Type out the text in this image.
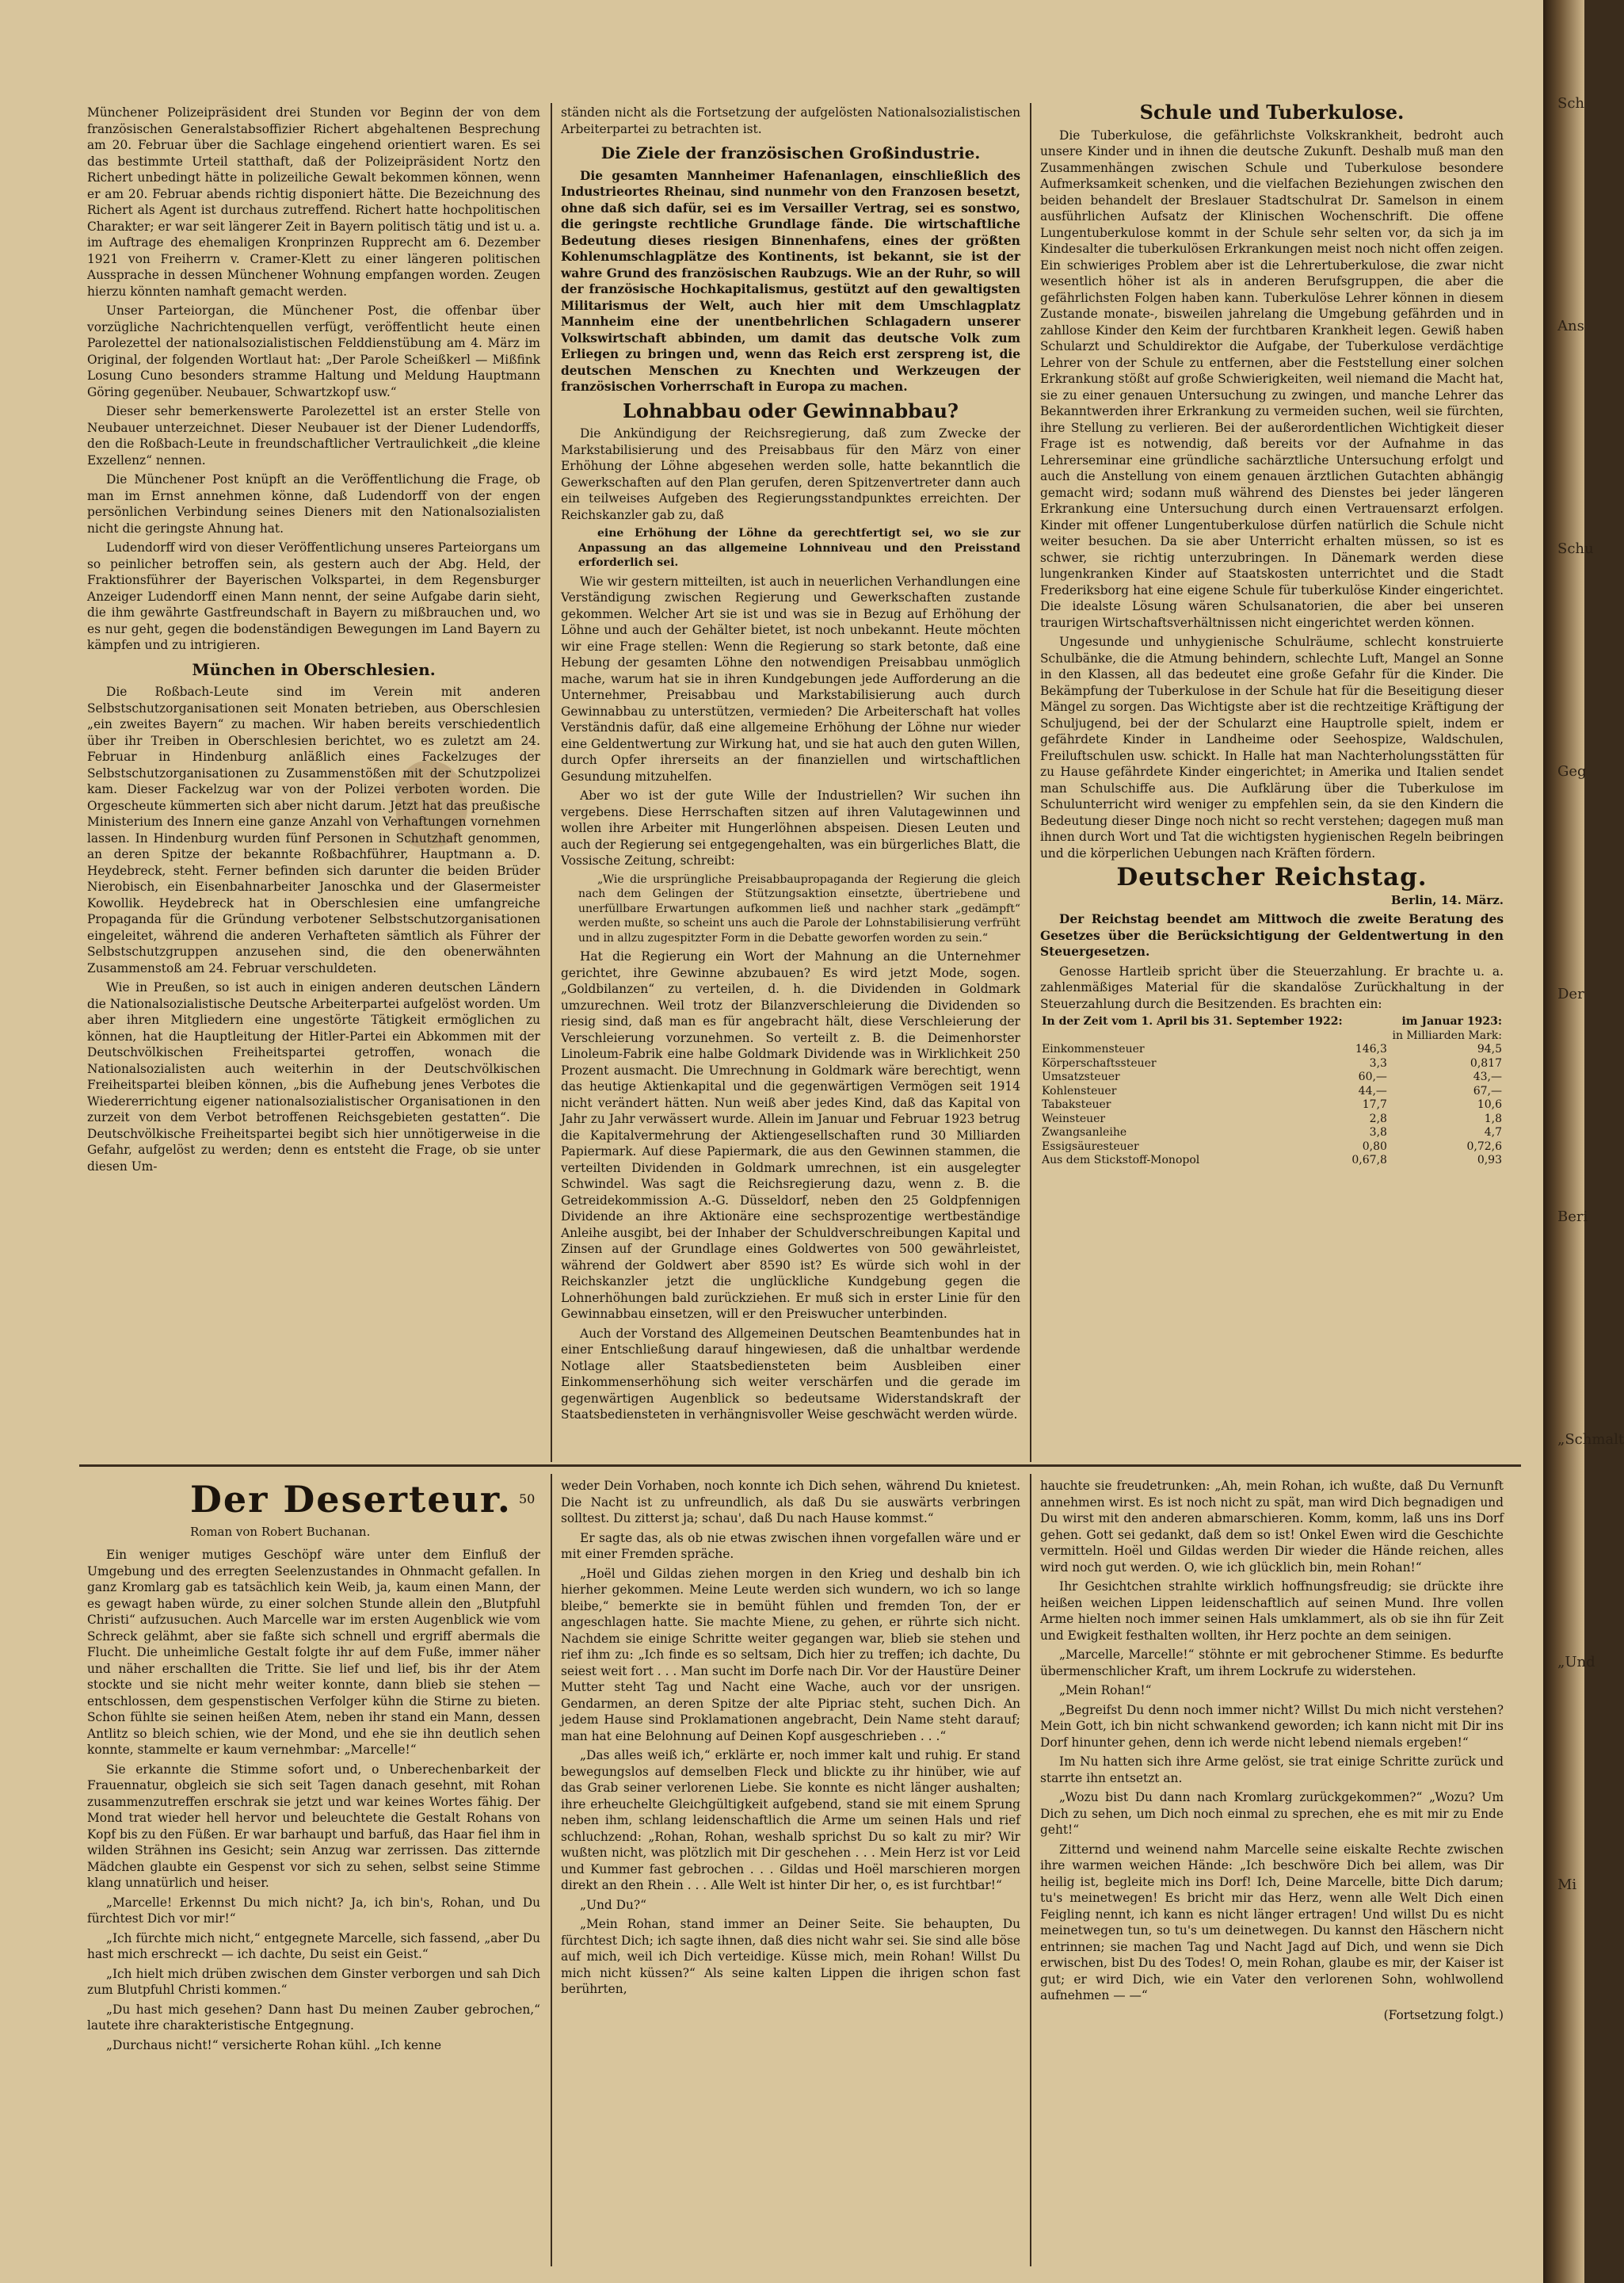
Münchener Polizeipräsident drei Stunden vor Beginn der von dem französischen Generalstabsoffizier Richert abgehaltenen Besprechung am 20. Februar über die Sachlage eingehend orientiert waren. Es sei das bestimmte Urteil statthaft, daß der Polizeipräsident Nortz den Richert unbedingt hätte in polizeiliche Gewalt bekommen können, wenn er am 20. Februar abends richtig disponiert hätte. Die Bezeichnung des Richert als Agent ist durchaus zutreffend. Richert hatte hochpolitischen Charakter; er war seit längerer Zeit in Bayern politisch tätig und ist u. a. im Auftrage des ehemaligen Kronprinzen Rupprecht am 6. Dezember 1921 von Freiherrn v. Cramer-Klett zu einer längeren politischen Aussprache in dessen Münchener Wohnung empfangen worden. Zeugen hierzu könnten namhaft gemacht werden.

Unser Parteiorgan, die Münchener Post, die offenbar über vorzügliche Nachrichtenquellen verfügt, veröffentlicht heute einen Parolezettel der nationalsozialistischen Felddienstübung am 4. März im Original, der folgenden Wortlaut hat: „Der Parole Scheißkerl — Mißfink Losung Cuno besonders stramme Haltung und Meldung Hauptmann Göring gegenüber. Neubauer, Schwartzkopf usw.“

Dieser sehr bemerkenswerte Parolezettel ist an erster Stelle von Neubauer unterzeichnet. Dieser Neubauer ist der Diener Ludendorffs, den die Roßbach-Leute in freundschaftlicher Vertraulichkeit „die kleine Exzellenz“ nennen.

Die Münchener Post knüpft an die Veröffentlichung die Frage, ob man im Ernst annehmen könne, daß Ludendorff von der engen persönlichen Verbindung seines Dieners mit den Nationalsozialisten nicht die geringste Ahnung hat.

Ludendorff wird von dieser Veröffentlichung unseres Parteiorgans um so peinlicher betroffen sein, als gestern auch der Abg. Held, der Fraktionsführer der Bayerischen Volkspartei, in dem Regensburger Anzeiger Ludendorff einen Mann nennt, der seine Aufgabe darin sieht, die ihm gewährte Gastfreundschaft in Bayern zu mißbrauchen und, wo es nur geht, gegen die bodenständigen Bewegungen im Land Bayern zu kämpfen und zu intrigieren.

München in Oberschlesien.

Die Roßbach-Leute sind im Verein mit anderen Selbstschutzorganisationen seit Monaten betrieben, aus Oberschlesien „ein zweites Bayern“ zu machen. Wir haben bereits verschiedentlich über ihr Treiben in Oberschlesien berichtet, wo es zuletzt am 24. Februar in Hindenburg anläßlich eines Fackelzuges der Selbstschutzorganisationen zu Zusammenstößen mit der Schutzpolizei kam. Dieser Fackelzug war von der Polizei verboten worden. Die Orgescheute kümmerten sich aber nicht darum. Jetzt hat das preußische Ministerium des Innern eine ganze Anzahl von Verhaftungen vornehmen lassen. In Hindenburg wurden fünf Personen in Schutzhaft genommen, an deren Spitze der bekannte Roßbachführer, Hauptmann a. D. Heydebreck, steht. Ferner befinden sich darunter die beiden Brüder Nierobisch, ein Eisenbahnarbeiter Janoschka und der Glasermeister Kowollik. Heydebreck hat in Oberschlesien eine umfangreiche Propaganda für die Gründung verbotener Selbstschutzorganisationen eingeleitet, während die anderen Verhafteten sämtlich als Führer der Selbstschutzgruppen anzusehen sind, die den obenerwähnten Zusammenstoß am 24. Februar verschuldeten.

Wie in Preußen, so ist auch in einigen anderen deutschen Ländern die Nationalsozialistische Deutsche Arbeiterpartei aufgelöst worden. Um aber ihren Mitgliedern eine ungestörte Tätigkeit ermöglichen zu können, hat die Hauptleitung der Hitler-Partei ein Abkommen mit der Deutschvölkischen Freiheitspartei getroffen, wonach die Nationalsozialisten auch weiterhin in der Deutschvölkischen Freiheitspartei bleiben können, „bis die Aufhebung jenes Verbotes die Wiedererrichtung eigener nationalsozialistischer Organisationen in den zurzeit von dem Verbot betroffenen Reichsgebieten gestatten“. Die Deutschvölkische Freiheitspartei begibt sich hier unnötigerweise in die Gefahr, aufgelöst zu werden; denn es entsteht die Frage, ob sie unter diesen Um-

ständen nicht als die Fortsetzung der aufgelösten Nationalsozialistischen Arbeiterpartei zu betrachten ist.

Die Ziele der französischen Großindustrie.

Die gesamten Mannheimer Hafenanlagen, einschließlich des Industrieortes Rheinau, sind nunmehr von den Franzosen besetzt, ohne daß sich dafür, sei es im Versailler Vertrag, sei es sonstwo, die geringste rechtliche Grundlage fände. Die wirtschaftliche Bedeutung dieses riesigen Binnenhafens, eines der größten Kohlenumschlagplätze des Kontinents, ist bekannt, sie ist der wahre Grund des französischen Raubzugs. Wie an der Ruhr, so will der französische Hochkapitalismus, gestützt auf den gewaltigsten Militarismus der Welt, auch hier mit dem Umschlagplatz Mannheim eine der unentbehrlichen Schlagadern unserer Volkswirtschaft abbinden, um damit das deutsche Volk zum Erliegen zu bringen und, wenn das Reich erst zerspreng ist, die deutschen Menschen zu Knechten und Werkzeugen der französischen Vorherrschaft in Europa zu machen.

Lohnabbau oder Gewinnabbau?

Die Ankündigung der Reichsregierung, daß zum Zwecke der Markstabilisierung und des Preisabbaus für den März von einer Erhöhung der Löhne abgesehen werden solle, hatte bekanntlich die Gewerkschaften auf den Plan gerufen, deren Spitzenvertreter dann auch ein teilweises Aufgeben des Regierungsstandpunktes erreichten. Der Reichskanzler gab zu, daß

eine Erhöhung der Löhne da gerechtfertigt sei, wo sie zur Anpassung an das allgemeine Lohnniveau und den Preisstand erforderlich sei.

Wie wir gestern mitteilten, ist auch in neuerlichen Verhandlungen eine Verständigung zwischen Regierung und Gewerkschaften zustande gekommen. Welcher Art sie ist und was sie in Bezug auf Erhöhung der Löhne und auch der Gehälter bietet, ist noch unbekannt. Heute möchten wir eine Frage stellen: Wenn die Regierung so stark betonte, daß eine Hebung der gesamten Löhne den notwendigen Preisabbau unmöglich mache, warum hat sie in ihren Kundgebungen jede Aufforderung an die Unternehmer, Preisabbau und Markstabilisierung auch durch Gewinnabbau zu unterstützen, vermieden? Die Arbeiterschaft hat volles Verständnis dafür, daß eine allgemeine Erhöhung der Löhne nur wieder eine Geldentwertung zur Wirkung hat, und sie hat auch den guten Willen, durch Opfer ihrerseits an der finanziellen und wirtschaftlichen Gesundung mitzuhelfen.

Aber wo ist der gute Wille der Industriellen? Wir suchen ihn vergebens. Diese Herrschaften sitzen auf ihren Valutagewinnen und wollen ihre Arbeiter mit Hungerlöhnen abspeisen. Diesen Leuten und auch der Regierung sei entgegengehalten, was ein bürgerliches Blatt, die Vossische Zeitung, schreibt:

„Wie die ursprüngliche Preisabbaupropaganda der Regierung die gleich nach dem Gelingen der Stützungsaktion einsetzte, übertriebene und unerfüllbare Erwartungen aufkommen ließ und nachher stark „gedämpft“ werden mußte, so scheint uns auch die Parole der Lohnstabilisierung verfrüht und in allzu zugespitzter Form in die Debatte geworfen worden zu sein.“

Hat die Regierung ein Wort der Mahnung an die Unternehmer gerichtet, ihre Gewinne abzubauen? Es wird jetzt Mode, sogen. „Goldbilanzen“ zu verteilen, d. h. die Dividenden in Goldmark umzurechnen. Weil trotz der Bilanzverschleierung die Dividenden so riesig sind, daß man es für angebracht hält, diese Verschleierung der Verschleierung vorzunehmen. So verteilt z. B. die Deimenhorster Linoleum-Fabrik eine halbe Goldmark Dividende was in Wirklichkeit 250 Prozent ausmacht. Die Umrechnung in Goldmark wäre berechtigt, wenn das heutige Aktienkapital und die gegenwärtigen Vermögen seit 1914 nicht verändert hätten. Nun weiß aber jedes Kind, daß das Kapital von Jahr zu Jahr verwässert wurde. Allein im Januar und Februar 1923 betrug die Kapitalvermehrung der Aktiengesellschaften rund 30 Milliarden Papiermark. Auf diese Papiermark, die aus den Gewinnen stammen, die verteilten Dividenden in Goldmark umrechnen, ist ein ausgelegter Schwindel. Was sagt die Reichsregierung dazu, wenn z. B. die Getreidekommission A.-G. Düsseldorf, neben den 25 Goldpfennigen Dividende an ihre Aktionäre eine sechsprozentige wertbeständige Anleihe ausgibt, bei der Inhaber der Schuldverschreibungen Kapital und Zinsen auf der Grundlage eines Goldwertes von 500 gewährleistet, während der Goldwert aber 8590 ist? Es würde sich wohl in der Reichskanzler jetzt die unglückliche Kundgebung gegen die Lohnerhöhungen bald zurückziehen. Er muß sich in erster Linie für den Gewinnabbau einsetzen, will er den Preiswucher unterbinden.

Auch der Vorstand des Allgemeinen Deutschen Beamtenbundes hat in einer Entschließung darauf hingewiesen, daß die unhaltbar werdende Notlage aller Staatsbediensteten beim Ausbleiben einer Einkommenserhöhung sich weiter verschärfen und die gerade im gegenwärtigen Augenblick so bedeutsame Widerstandskraft der Staatsbediensteten in verhängnisvoller Weise geschwächt werden würde.

Schule und Tuberkulose.

Die Tuberkulose, die gefährlichste Volkskrankheit, bedroht auch unsere Kinder und in ihnen die deutsche Zukunft. Deshalb muß man den Zusammenhängen zwischen Schule und Tuberkulose besondere Aufmerksamkeit schenken, und die vielfachen Beziehungen zwischen den beiden behandelt der Breslauer Stadtschulrat Dr. Samelson in einem ausführlichen Aufsatz der Klinischen Wochenschrift. Die offene Lungentuberkulose kommt in der Schule sehr selten vor, da sich ja im Kindesalter die tuberkulösen Erkrankungen meist noch nicht offen zeigen. Ein schwieriges Problem aber ist die Lehrertuberkulose, die zwar nicht wesentlich höher ist als in anderen Berufsgruppen, die aber die gefährlichsten Folgen haben kann. Tuberkulöse Lehrer können in diesem Zustande monate-, bisweilen jahrelang die Umgebung gefährden und in zahllose Kinder den Keim der furchtbaren Krankheit legen. Gewiß haben Schularzt und Schuldirektor die Aufgabe, der Tuberkulose verdächtige Lehrer von der Schule zu entfernen, aber die Feststellung einer solchen Erkrankung stößt auf große Schwierigkeiten, weil niemand die Macht hat, sie zu einer genauen Untersuchung zu zwingen, und manche Lehrer das Bekanntwerden ihrer Erkrankung zu vermeiden suchen, weil sie fürchten, ihre Stellung zu verlieren. Bei der außerordentlichen Wichtigkeit dieser Frage ist es notwendig, daß bereits vor der Aufnahme in das Lehrerseminar eine gründliche sachärztliche Untersuchung erfolgt und auch die Anstellung von einem genauen ärztlichen Gutachten abhängig gemacht wird; sodann muß während des Dienstes bei jeder längeren Erkrankung eine Untersuchung durch einen Vertrauensarzt erfolgen. Kinder mit offener Lungentuberkulose dürfen natürlich die Schule nicht weiter besuchen. Da sie aber Unterricht erhalten müssen, so ist es schwer, sie richtig unterzubringen. In Dänemark werden diese lungenkranken Kinder auf Staatskosten unterrichtet und die Stadt Frederiksborg hat eine eigene Schule für tuberkulöse Kinder eingerichtet. Die idealste Lösung wären Schulsanatorien, die aber bei unseren traurigen Wirtschaftsverhältnissen nicht eingerichtet werden können.

Ungesunde und unhygienische Schulräume, schlecht konstruierte Schulbänke, die die Atmung behindern, schlechte Luft, Mangel an Sonne in den Klassen, all das bedeutet eine große Gefahr für die Kinder. Die Bekämpfung der Tuberkulose in der Schule hat für die Beseitigung dieser Mängel zu sorgen. Das Wichtigste aber ist die rechtzeitige Kräftigung der Schuljugend, bei der der Schularzt eine Hauptrolle spielt, indem er gefährdete Kinder in Landheime oder Seehospize, Waldschulen, Freiluftschulen usw. schickt. In Halle hat man Nachterholungsstätten für zu Hause gefährdete Kinder eingerichtet; in Amerika und Italien sendet man Schulschiffe aus. Die Aufklärung über die Tuberkulose im Schulunterricht wird weniger zu empfehlen sein, da sie den Kindern die Bedeutung dieser Dinge noch nicht so recht verstehen; dagegen muß man ihnen durch Wort und Tat die wichtigsten hygienischen Regeln beibringen und die körperlichen Uebungen nach Kräften fördern.

Deutscher Reichstag.
Berlin, 14. März.

Der Reichstag beendet am Mittwoch die zweite Beratung des Gesetzes über die Berücksichtigung der Geldentwertung in den Steuergesetzen.

Genosse Hartleib spricht über die Steuerzahlung. Er brachte u. a. zahlenmäßiges Material für die skandalöse Zurückhaltung in der Steuerzahlung durch die Besitzenden. Es brachten ein:

In der Zeit vom 1. April bis 31. September 1922:		im Januar 1923:
		in Milliarden Mark:
Einkommensteuer	146,3	94,5
Körperschaftssteuer	3,3	0,817
Umsatzsteuer	60,—	43,—
Kohlensteuer	44,—	67,—
Tabaksteuer	17,7	10,6
Weinsteuer	2,8	1,8
Zwangsanleihe	3,8	4,7
Essigsäuresteuer	0,80	0,72,6
Aus dem Stickstoff-Monopol	0,67,8	0,93
Der Deserteur. 50
Roman von Robert Buchanan.

Ein weniger mutiges Geschöpf wäre unter dem Einfluß der Umgebung und des erregten Seelenzustandes in Ohnmacht gefallen. In ganz Kromlarg gab es tatsächlich kein Weib, ja, kaum einen Mann, der es gewagt haben würde, zu einer solchen Stunde allein den „Blutpfuhl Christi“ aufzusuchen. Auch Marcelle war im ersten Augenblick wie vom Schreck gelähmt, aber sie faßte sich schnell und ergriff abermals die Flucht. Die unheimliche Gestalt folgte ihr auf dem Fuße, immer näher und näher erschallten die Tritte. Sie lief und lief, bis ihr der Atem stockte und sie nicht mehr weiter konnte, dann blieb sie stehen — entschlossen, dem gespenstischen Verfolger kühn die Stirne zu bieten. Schon fühlte sie seinen heißen Atem, neben ihr stand ein Mann, dessen Antlitz so bleich schien, wie der Mond, und ehe sie ihn deutlich sehen konnte, stammelte er kaum vernehmbar: „Marcelle!“

Sie erkannte die Stimme sofort und, o Unberechenbarkeit der Frauennatur, obgleich sie sich seit Tagen danach gesehnt, mit Rohan zusammenzutreffen erschrak sie jetzt und war keines Wortes fähig. Der Mond trat wieder hell hervor und beleuchtete die Gestalt Rohans von Kopf bis zu den Füßen. Er war barhaupt und barfuß, das Haar fiel ihm in wilden Strähnen ins Gesicht; sein Anzug war zerrissen. Das zitternde Mädchen glaubte ein Gespenst vor sich zu sehen, selbst seine Stimme klang unnatürlich und heiser.

„Marcelle! Erkennst Du mich nicht? Ja, ich bin's, Rohan, und Du fürchtest Dich vor mir!“

„Ich fürchte mich nicht,“ entgegnete Marcelle, sich fassend, „aber Du hast mich erschreckt — ich dachte, Du seist ein Geist.“

„Ich hielt mich drüben zwischen dem Ginster verborgen und sah Dich zum Blutpfuhl Christi kommen.“

„Du hast mich gesehen? Dann hast Du meinen Zauber gebrochen,“ lautete ihre charakteristische Entgegnung.

„Durchaus nicht!“ versicherte Rohan kühl. „Ich kenne

weder Dein Vorhaben, noch konnte ich Dich sehen, während Du knietest. Die Nacht ist zu unfreundlich, als daß Du sie auswärts verbringen solltest. Du zitterst ja; schau', daß Du nach Hause kommst.“

Er sagte das, als ob nie etwas zwischen ihnen vorgefallen wäre und er mit einer Fremden spräche.

„Hoël und Gildas ziehen morgen in den Krieg und deshalb bin ich hierher gekommen. Meine Leute werden sich wundern, wo ich so lange bleibe,“ bemerkte sie in bemüht fühlen und fremden Ton, der er angeschlagen hatte. Sie machte Miene, zu gehen, er rührte sich nicht. Nachdem sie einige Schritte weiter gegangen war, blieb sie stehen und rief ihm zu: „Ich finde es so seltsam, Dich hier zu treffen; ich dachte, Du seiest weit fort . . . Man sucht im Dorfe nach Dir. Vor der Haustüre Deiner Mutter steht Tag und Nacht eine Wache, auch vor der unsrigen. Gendarmen, an deren Spitze der alte Pipriac steht, suchen Dich. An jedem Hause sind Proklamationen angebracht, Dein Name steht darauf; man hat eine Belohnung auf Deinen Kopf ausgeschrieben . . .“

„Das alles weiß ich,“ erklärte er, noch immer kalt und ruhig. Er stand bewegungslos auf demselben Fleck und blickte zu ihr hinüber, wie auf das Grab seiner verlorenen Liebe. Sie konnte es nicht länger aushalten; ihre erheuchelte Gleichgültigkeit aufgebend, stand sie mit einem Sprung neben ihm, schlang leidenschaftlich die Arme um seinen Hals und rief schluchzend: „Rohan, Rohan, weshalb sprichst Du so kalt zu mir? Wir wußten nicht, was plötzlich mit Dir geschehen . . . Mein Herz ist vor Leid und Kummer fast gebrochen . . . Gildas und Hoël marschieren morgen direkt an den Rhein . . . Alle Welt ist hinter Dir her, o, es ist furchtbar!“

„Und Du?“

„Mein Rohan, stand immer an Deiner Seite. Sie behaupten, Du fürchtest Dich; ich sagte ihnen, daß dies nicht wahr sei. Sie sind alle böse auf mich, weil ich Dich verteidige. Küsse mich, mein Rohan! Willst Du mich nicht küssen?“ Als seine kalten Lippen die ihrigen schon fast berührten,

hauchte sie freudetrunken: „Ah, mein Rohan, ich wußte, daß Du Vernunft annehmen wirst. Es ist noch nicht zu spät, man wird Dich begnadigen und Du wirst mit den anderen abmarschieren. Komm, komm, laß uns ins Dorf gehen. Gott sei gedankt, daß dem so ist! Onkel Ewen wird die Geschichte vermitteln. Hoël und Gildas werden Dir wieder die Hände reichen, alles wird noch gut werden. O, wie ich glücklich bin, mein Rohan!“

Ihr Gesichtchen strahlte wirklich hoffnungsfreudig; sie drückte ihre heißen weichen Lippen leidenschaftlich auf seinen Mund. Ihre vollen Arme hielten noch immer seinen Hals umklammert, als ob sie ihn für Zeit und Ewigkeit festhalten wollten, ihr Herz pochte an dem seinigen.

„Marcelle, Marcelle!“ stöhnte er mit gebrochener Stimme. Es bedurfte übermenschlicher Kraft, um ihrem Lockrufe zu widerstehen.

„Mein Rohan!“

„Begreifst Du denn noch immer nicht? Willst Du mich nicht verstehen? Mein Gott, ich bin nicht schwankend geworden; ich kann nicht mit Dir ins Dorf hinunter gehen, denn ich werde nicht lebend niemals ergeben!“

Im Nu hatten sich ihre Arme gelöst, sie trat einige Schritte zurück und starrte ihn entsetzt an.

„Wozu bist Du dann nach Kromlarg zurückgekommen?“ „Wozu? Um Dich zu sehen, um Dich noch einmal zu sprechen, ehe es mit mir zu Ende geht!“

Zitternd und weinend nahm Marcelle seine eiskalte Rechte zwischen ihre warmen weichen Hände: „Ich beschwöre Dich bei allem, was Dir heilig ist, begleite mich ins Dorf! Ich, Deine Marcelle, bitte Dich darum; tu's meinetwegen! Es bricht mir das Herz, wenn alle Welt Dich einen Feigling nennt, ich kann es nicht länger ertragen! Und willst Du es nicht meinetwegen tun, so tu's um deinetwegen. Du kannst den Häschern nicht entrinnen; sie machen Tag und Nacht Jagd auf Dich, und wenn sie Dich erwischen, bist Du des Todes! O, mein Rohan, glaube es mir, der Kaiser ist gut; er wird Dich, wie ein Vater den verlorenen Sohn, wohlwollend aufnehmen — —“

(Fortsetzung folgt.)
Sch
Ans
Schu
Geg
Der
Beri
„Schmalt
„Und
Mi
